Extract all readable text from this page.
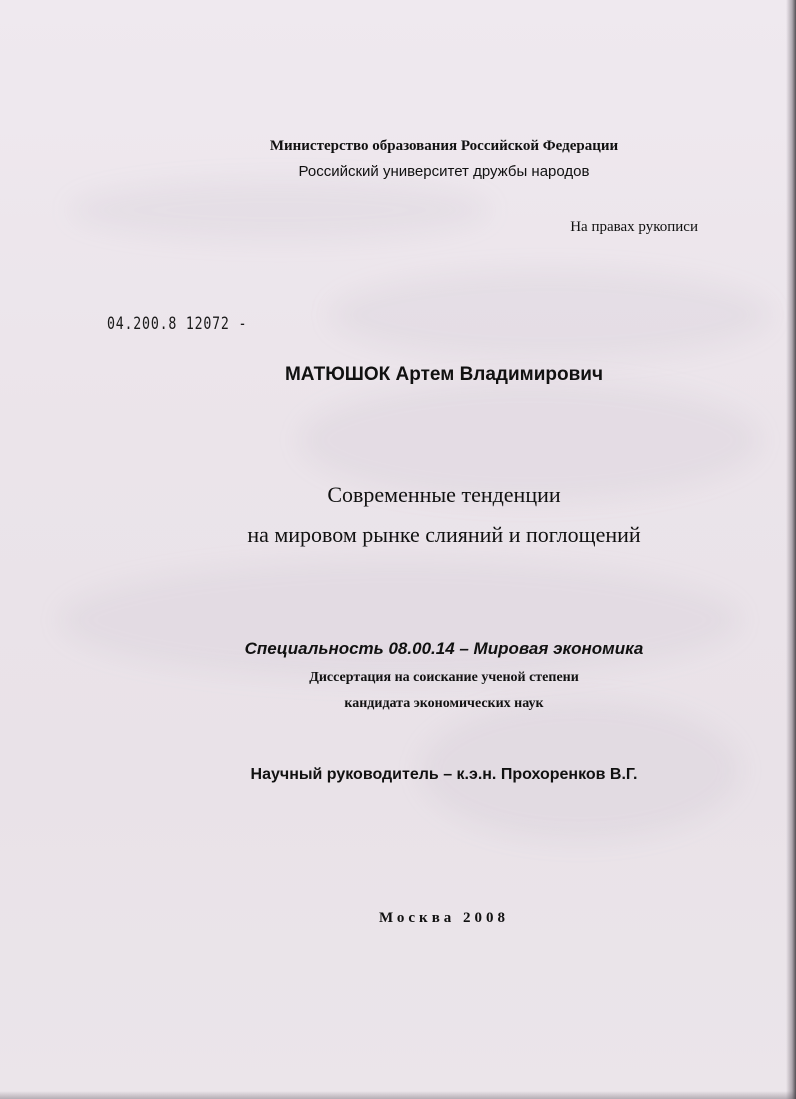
Министерство образования Российской Федерации
Российский университет дружбы народов
На правах рукописи
04.200.8 12072 -
МАТЮШОК Артем Владимирович
Современные тенденции
на мировом рынке слияний и поглощений
Специальность 08.00.14 – Мировая экономика
Диссертация на соискание ученой степени
кандидата экономических наук
Научный руководитель – к.э.н. Прохоренков В.Г.
Москва 2008
